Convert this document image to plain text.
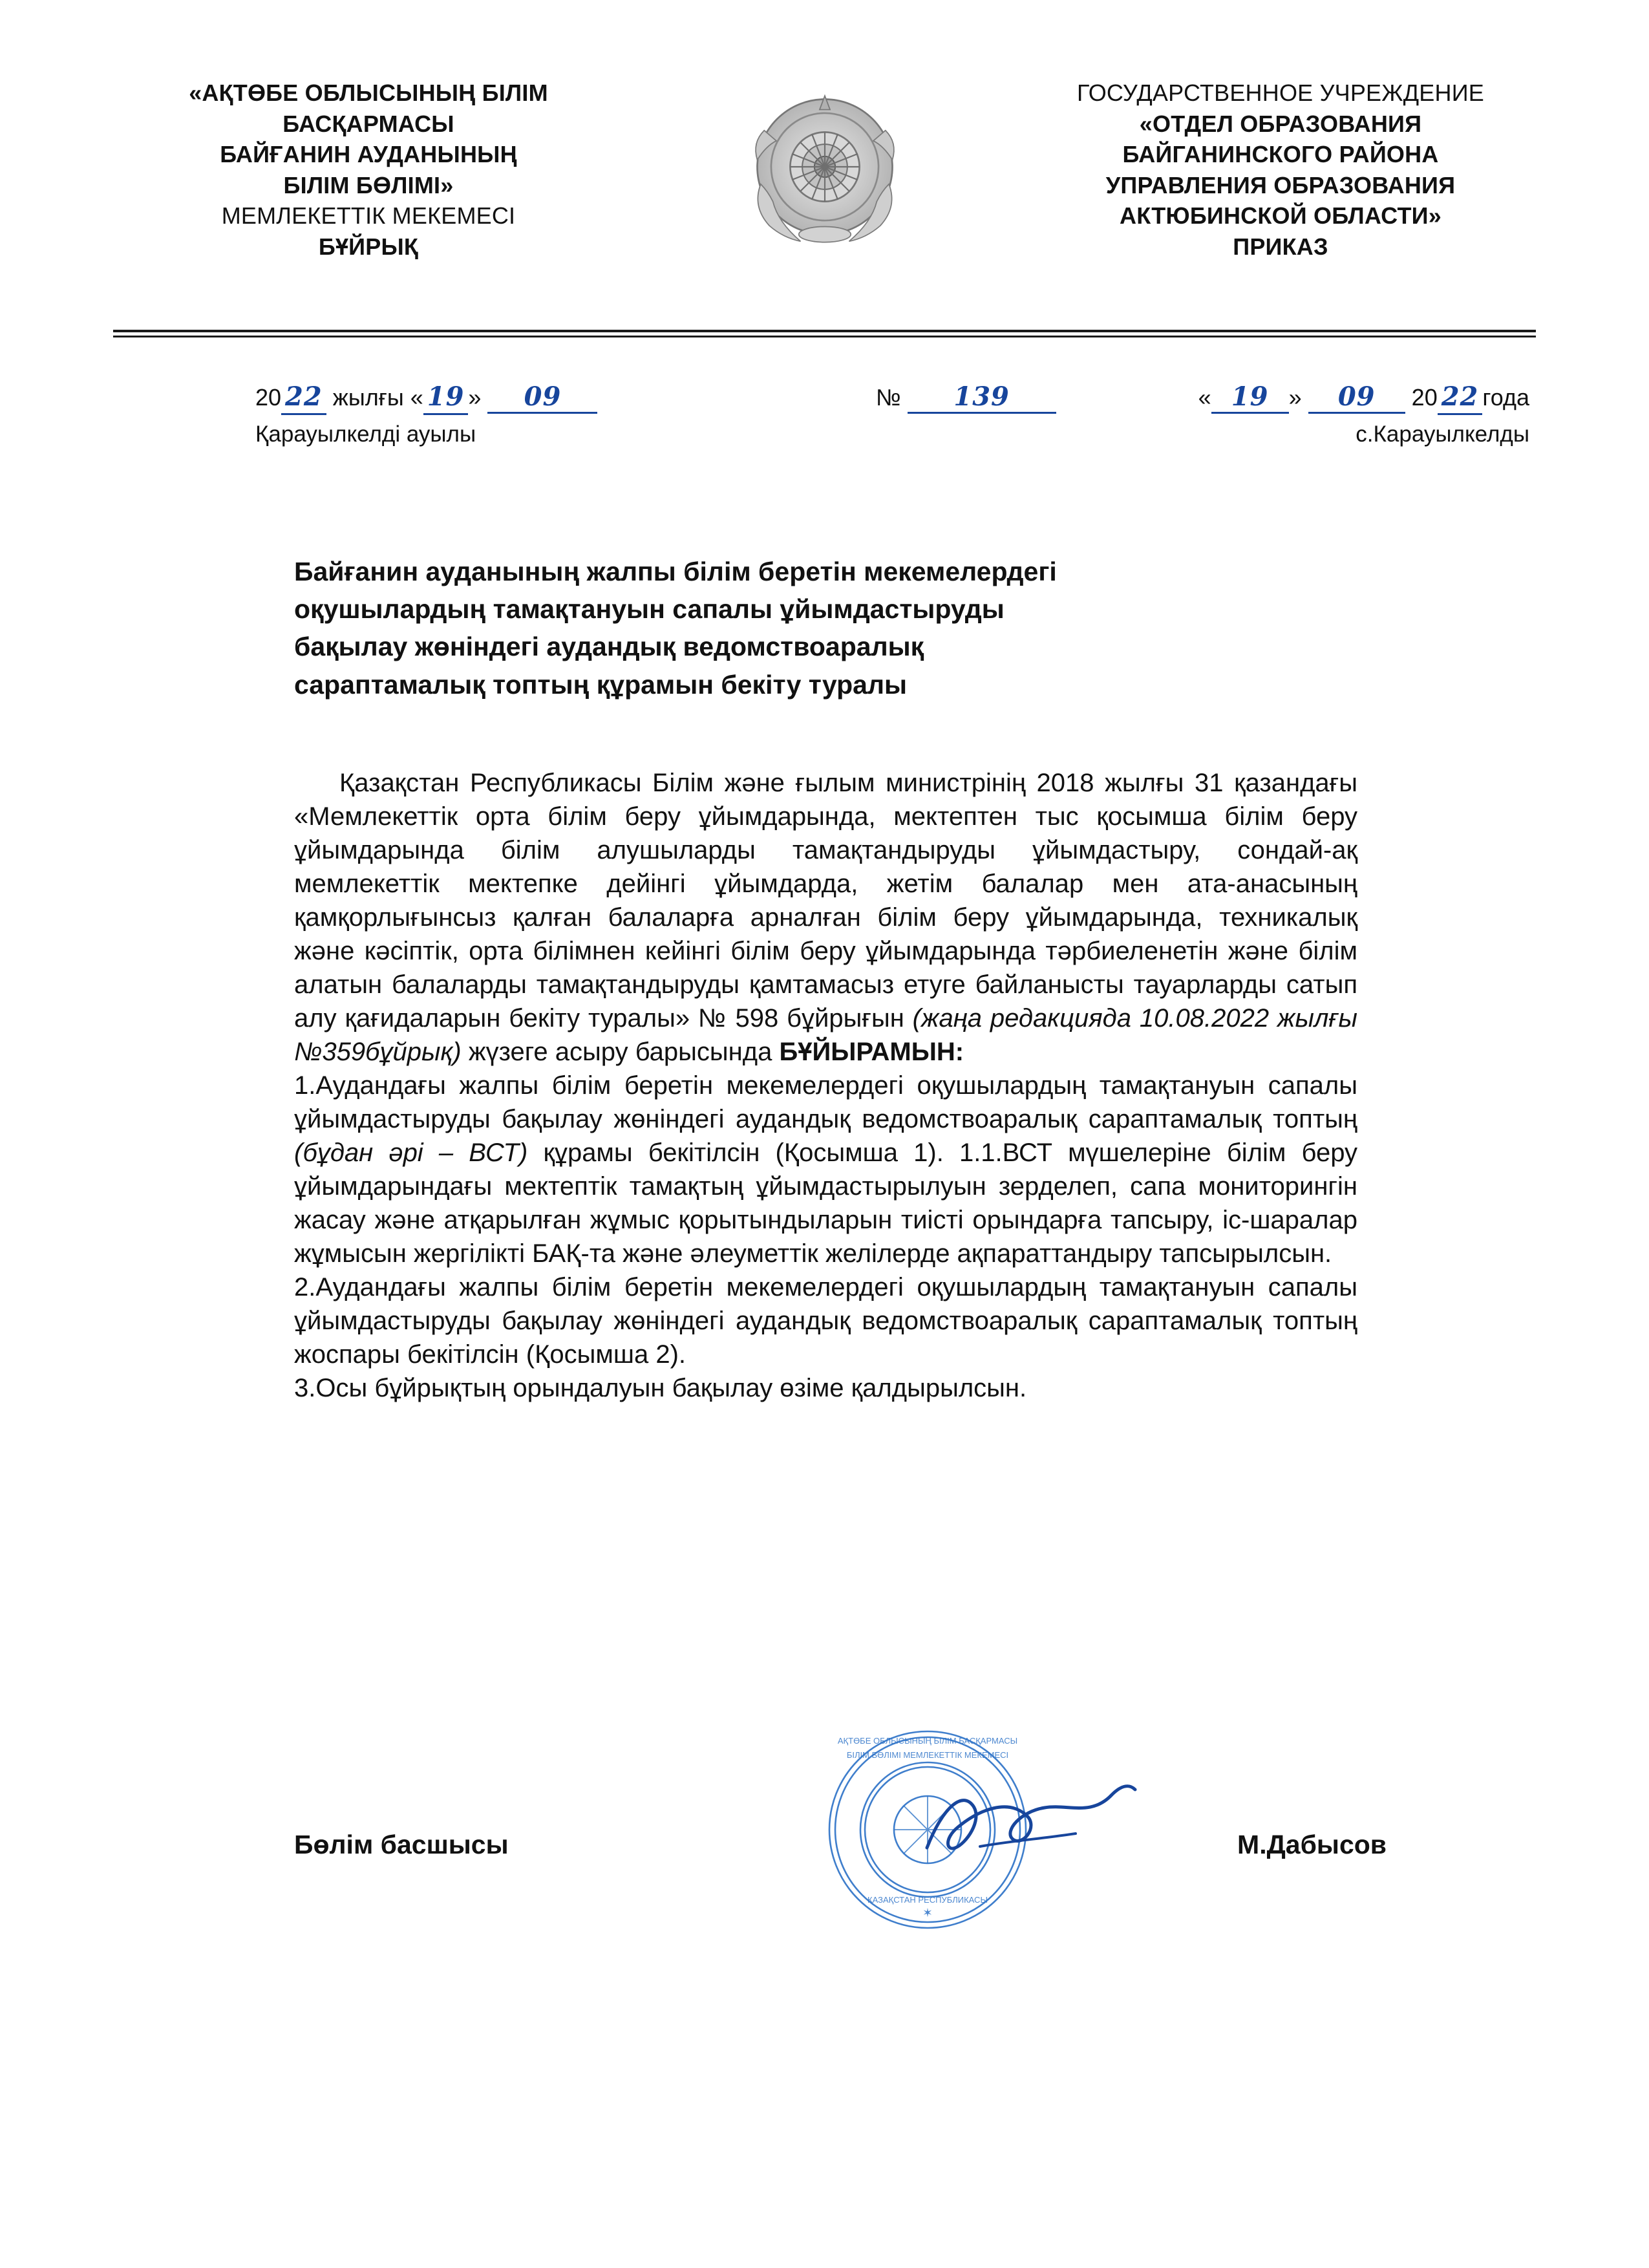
«АҚТӨБЕ ОБЛЫСЫНЫҢ БІЛІМ
БАСҚАРМАСЫ
БАЙҒАНИН АУДАНЫНЫҢ
БІЛІМ БӨЛІМІ»
МЕМЛЕКЕТТІК МЕКЕМЕСІ
БҰЙРЫҚ
ГОСУДАРСТВЕННОЕ УЧРЕЖДЕНИЕ
«ОТДЕЛ ОБРАЗОВАНИЯ
БАЙГАНИНСКОГО РАЙОНА
УПРАВЛЕНИЯ ОБРАЗОВАНИЯ
АКТЮБИНСКОЙ ОБЛАСТИ»
ПРИКАЗ
20 22 жылғы « 19 » 09	№ 139	« 19 » 09 20 22 года
Қарауылкелді ауылы	с.Карауылкелды
Байғанин ауданының жалпы білім беретін мекемелердегі
оқушылардың тамақтануын сапалы ұйымдастыруды
бақылау жөніндегі аудандық ведомствоаралық
сараптамалық топтың құрамын бекіту туралы

Қазақстан Республикасы Білім және ғылым министрінің 2018 жылғы 31 қазандағы «Мемлекеттік орта білім беру ұйымдарында, мектептен тыс қосымша білім беру ұйымдарында білім алушыларды тамақтандыруды ұйымдастыру, сондай-ақ мемлекеттік мектепке дейінгі ұйымдарда, жетім балалар мен ата-анасының қамқорлығынсыз қалған балаларға арналған білім беру ұйымдарында, техникалық және кәсіптік, орта білімнен кейінгі білім беру ұйымдарында тәрбиеленетін және білім алатын балаларды тамақтандыруды қамтамасыз етуге байланысты тауарларды сатып алу қағидаларын бекіту туралы» № 598 бұйрығын (жаңа редакцияда 10.08.2022 жылғы №359бұйрық) жүзеге асыру барысында БҰЙЫРАМЫН:

1.Аудандағы жалпы білім беретін мекемелердегі оқушылардың тамақтануын сапалы ұйымдастыруды бақылау жөніндегі аудандық ведомствоаралық сараптамалық топтың (бұдан әрі – ВСТ) құрамы бекітілсін (Қосымша 1). 1.1.ВСТ мүшелеріне білім беру ұйымдарындағы мектептік тамақтың ұйымдастырылуын зерделеп, сапа мониторингін жасау және атқарылған жұмыс қорытындыларын тиісті орындарға тапсыру, іс-шаралар жұмысын жергілікті БАҚ-та және әлеуметтік желілерде ақпараттандыру тапсырылсын.

2.Аудандағы жалпы білім беретін мекемелердегі оқушылардың тамақтануын сапалы ұйымдастыруды бақылау жөніндегі аудандық ведомствоаралық сараптамалық топтың жоспары бекітілсін (Қосымша 2).

3.Осы бұйрықтың орындалуын бақылау өзіме қалдырылсын.

✶
АҚТӨБЕ ОБЛЫСЫНЫҢ БІЛІМ БАСҚАРМАСЫ
БІЛІМ БӨЛІМІ МЕМЛЕКЕТТІК МЕКЕМЕСІ
ҚАЗАҚСТАН РЕСПУБЛИКАСЫ
Бөлім басшысы	М.Дабысов
